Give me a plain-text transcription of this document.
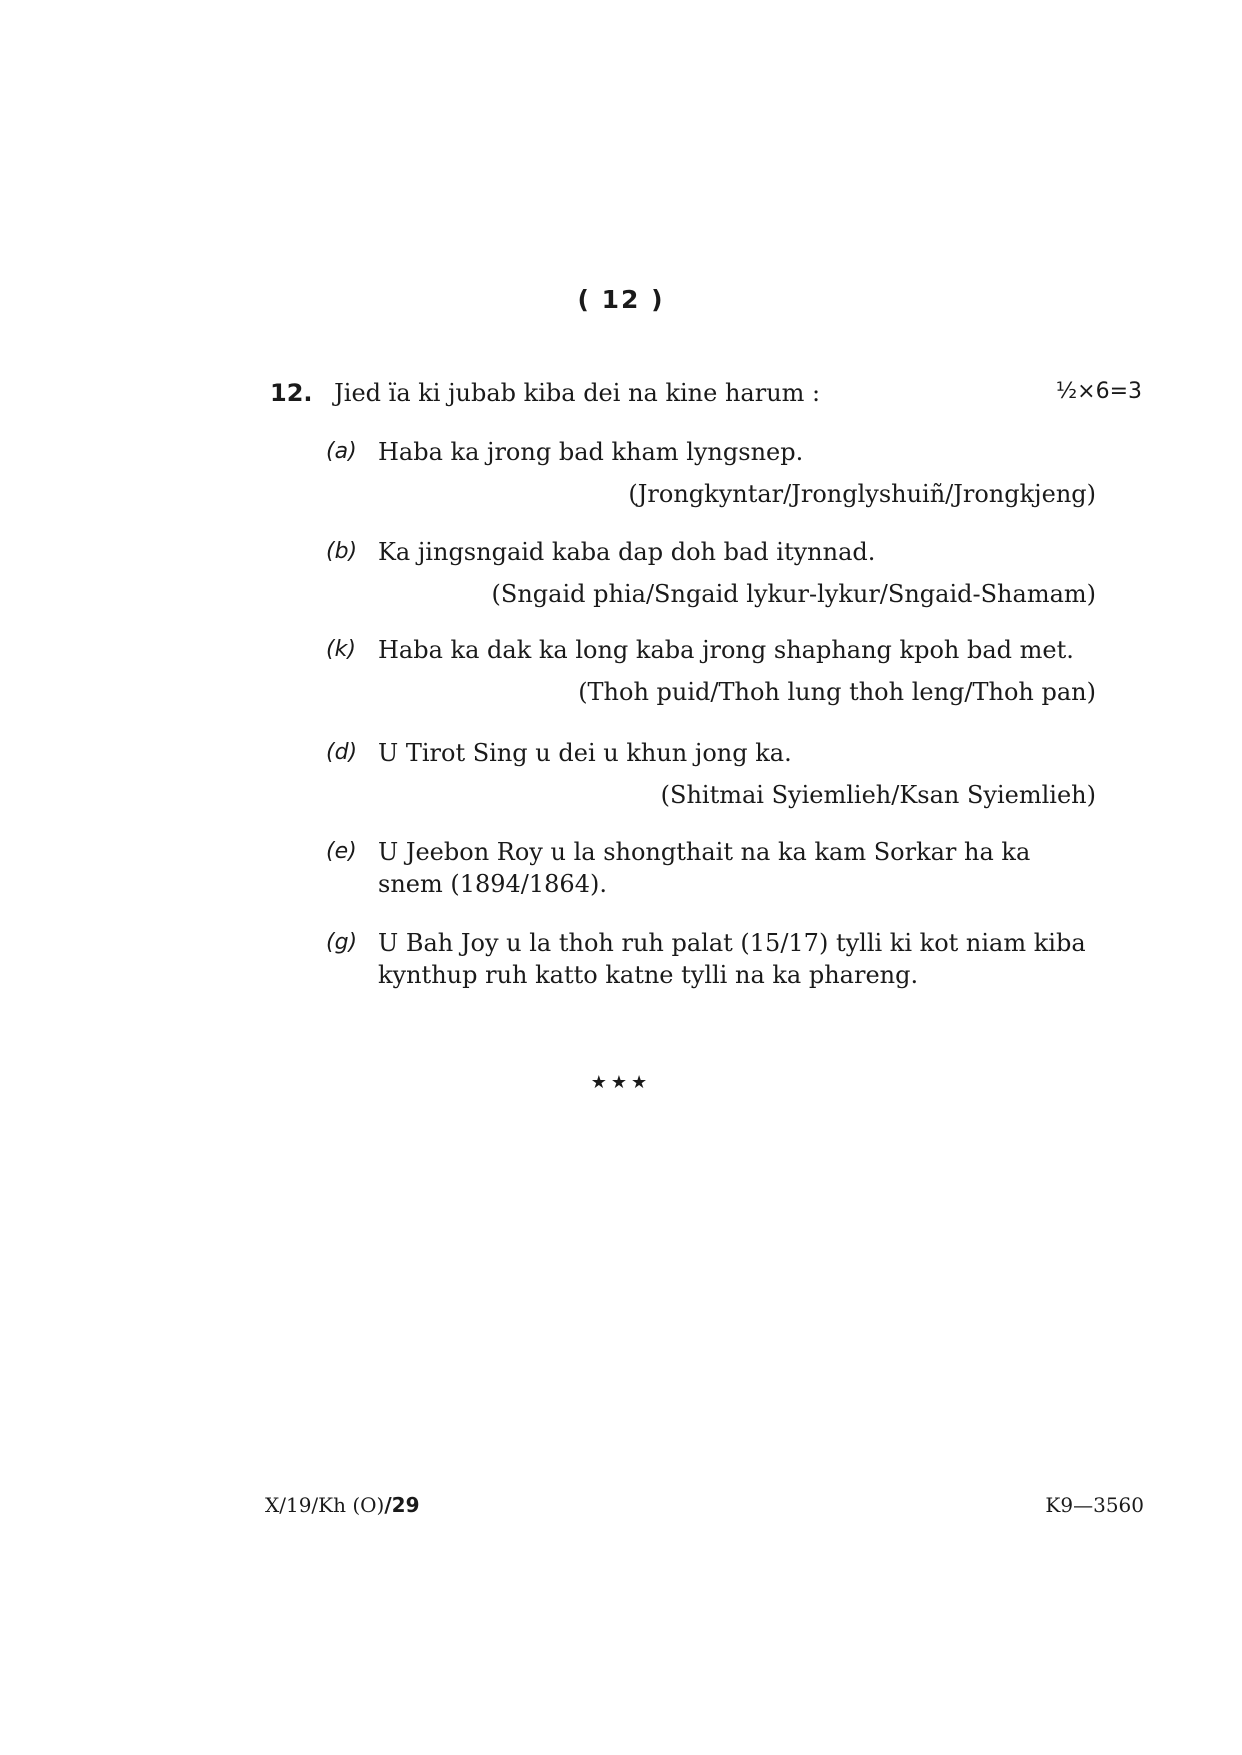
( 12 )
12. Jied ïa ki jubab kiba dei na kine harum :	½×6=3
(a) Haba ka jrong bad kham lyngsnep.
(Jrongkyntar/Jronglyshuiñ/Jrongkjeng)
(b) Ka jingsngaid kaba dap doh bad itynnad.
(Sngaid phia/Sngaid lykur-lykur/Sngaid-Shamam)
(k) Haba ka dak ka long kaba jrong shaphang kpoh bad met.
(Thoh puid/Thoh lung thoh leng/Thoh pan)
(d) U Tirot Sing u dei u khun jong ka.
(Shitmai Syiemlieh/Ksan Syiemlieh)
(e) U Jeebon Roy u la shongthait na ka kam Sorkar ha ka snem (1894/1864).
(g) U Bah Joy u la thoh ruh palat (15/17) tylli ki kot niam kiba kynthup ruh katto katne tylli na ka phareng.
★★★
X/19/Kh (O)/29	K9—3560
